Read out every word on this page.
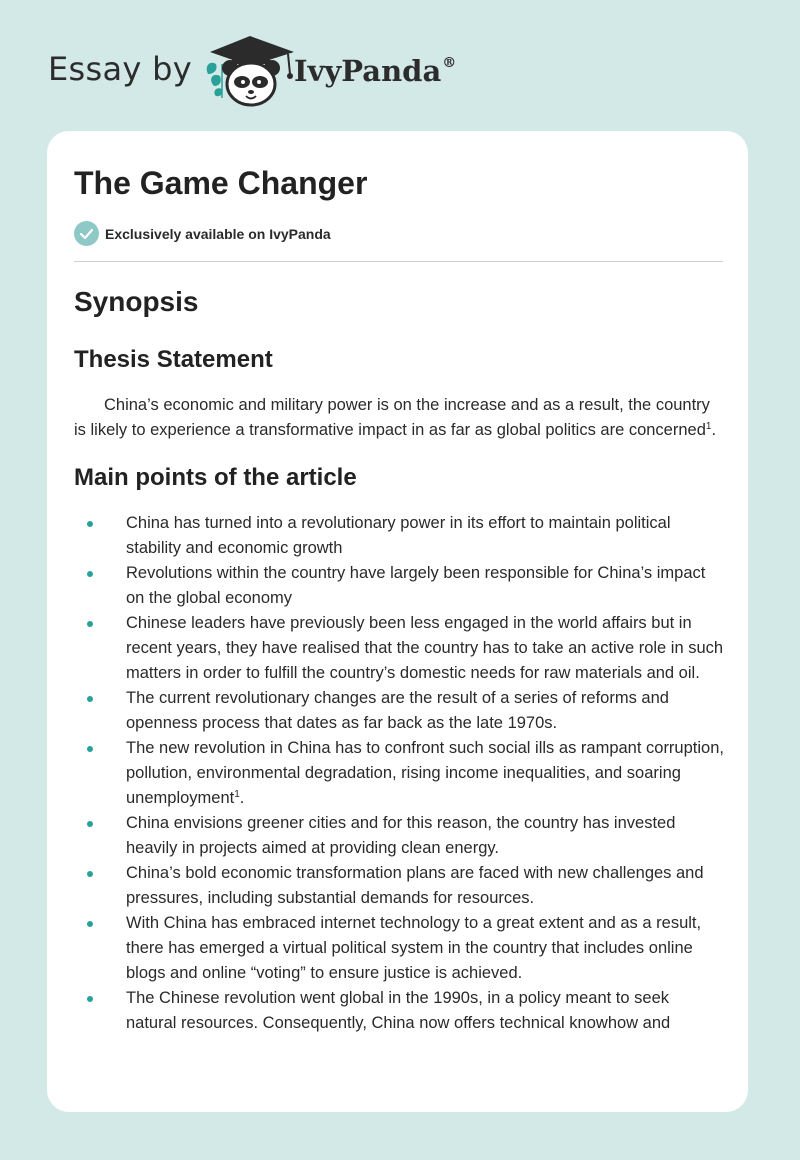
Essay by	IvyPanda®
The Game Changer
Exclusively available on IvyPanda
Synopsis
Thesis Statement

China’s economic and military power is on the increase and as a result, the country is likely to experience a transformative impact in as far as global politics are concerned$^1$.

Main points of the article
China has turned into a revolutionary power in its effort to maintain political stability and economic growth
Revolutions within the country have largely been responsible for China’s impact on the global economy
Chinese leaders have previously been less engaged in the world affairs but in recent years, they have realised that the country has to take an active role in such matters in order to fulfill the country’s domestic needs for raw materials and oil.
The current revolutionary changes are the result of a series of reforms and openness process that dates as far back as the late 1970s.
The new revolution in China has to confront such social ills as rampant corruption, pollution, environmental degradation, rising income inequalities, and soaring unemployment$^1$.
China envisions greener cities and for this reason, the country has invested heavily in projects aimed at providing clean energy.
China’s bold economic transformation plans are faced with new challenges and pressures, including substantial demands for resources.
With China has embraced internet technology to a great extent and as a result, there has emerged a virtual political system in the country that includes online blogs and online “voting” to ensure justice is achieved.
The Chinese revolution went global in the 1990s, in a policy meant to seek natural resources. Consequently, China now offers technical knowhow and
